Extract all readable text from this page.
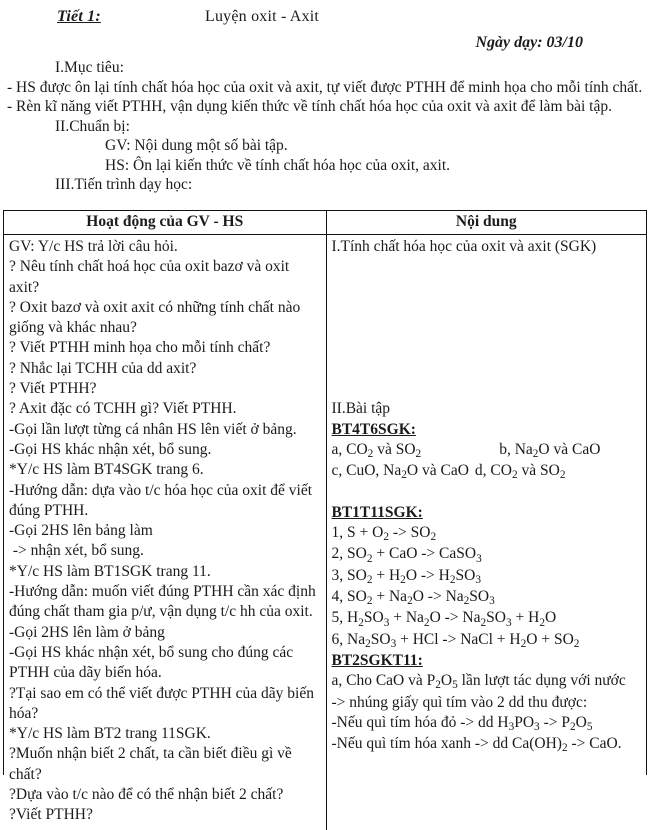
·
·
Tiết 1:	Luyện oxit - Axit
Ngày dạy: 03/10
I.Mục tiêu:
- HS được ôn lại tính chất hóa học của oxit và axit, tự viết được PTHH để minh họa cho mỗi tính chất.
- Rèn kĩ năng viết PTHH, vận dụng kiến thức về tính chất hóa học của oxit và axit để làm bài tập.
II.Chuẩn bị:
GV: Nội dung một số bài tập.
HS: Ôn lại kiến thức về tính chất hóa học của oxit, axit.
III.Tiến trình dạy học:
Hoạt động của GV - HS	Nội dung

GV: Y/c HS trả lời câu hỏi.
? Nêu tính chất hoá học của oxit bazơ và oxit axit?
? Oxit bazơ và oxit axit có những tính chất nào giống và khác nhau?
? Viết PTHH minh họa cho mỗi tính chất?
? Nhắc lại TCHH của dd axit?
? Viết PTHH?
? Axit đặc có TCHH gì? Viết PTHH.
-Gọi lần lượt từng cá nhân HS lên viết ở bảng.
-Gọi HS khác nhận xét, bổ sung.
*Y/c HS làm BT4SGK trang 6.
-Hướng dẫn: dựa vào t/c hóa học của oxit để viết đúng PTHH.
-Gọi 2HS lên bảng làm
-> nhận xét, bổ sung.
*Y/c HS làm BT1SGK trang 11.
-Hướng dẫn: muốn viết đúng PTHH cần xác định đúng chất tham gia p/ư, vận dụng t/c hh của oxit.
-Gọi 2HS lên làm ở bảng
-Gọi HS khác nhận xét, bổ sung cho đúng các PTHH của dãy biến hóa.
?Tại sao em có thể viết được PTHH của dãy biến hóa?
*Y/c HS làm BT2 trang 11SGK.
?Muốn nhận biết 2 chất, ta cần biết điều gì về chất?
?Dựa vào t/c nào để có thể nhận biết 2 chất?
?Viết PTHH?

I.Tính chất hóa học của oxit và axit (SGK)
II.Bài tập
BT4T6SGK:
a, $CO_2$ và $SO_2$	b, $Na_2O$ và CaO
c, CuO, $Na_2O$ và CaO d, $CO_2$ và $SO_2$
BT1T11SGK:
1, $S + O_2 -> SO_2$
2, $SO_2$ + CaO -> CaSO$_3$
3, $SO_2 + H_2O -> H_2SO_3$
4, $SO_2 + Na_2O -> Na_2SO_3$
5, $H_2SO_3 + Na_2O -> Na_2SO_3 + H_2O$
6, $Na_2SO_3$ + HCl -> NaCl + $H_2O + SO_2$
BT2SGKT11:
a, Cho CaO và $P_2O_5$ lần lượt tác dụng với nước
-> nhúng giấy quì tím vào 2 dd thu được:
-Nếu quì tím hóa đỏ -> dd $H_3PO_3 -> P_2O_5$
-Nếu quì tím hóa xanh -> dd $Ca(OH)_2$ -> CaO.
